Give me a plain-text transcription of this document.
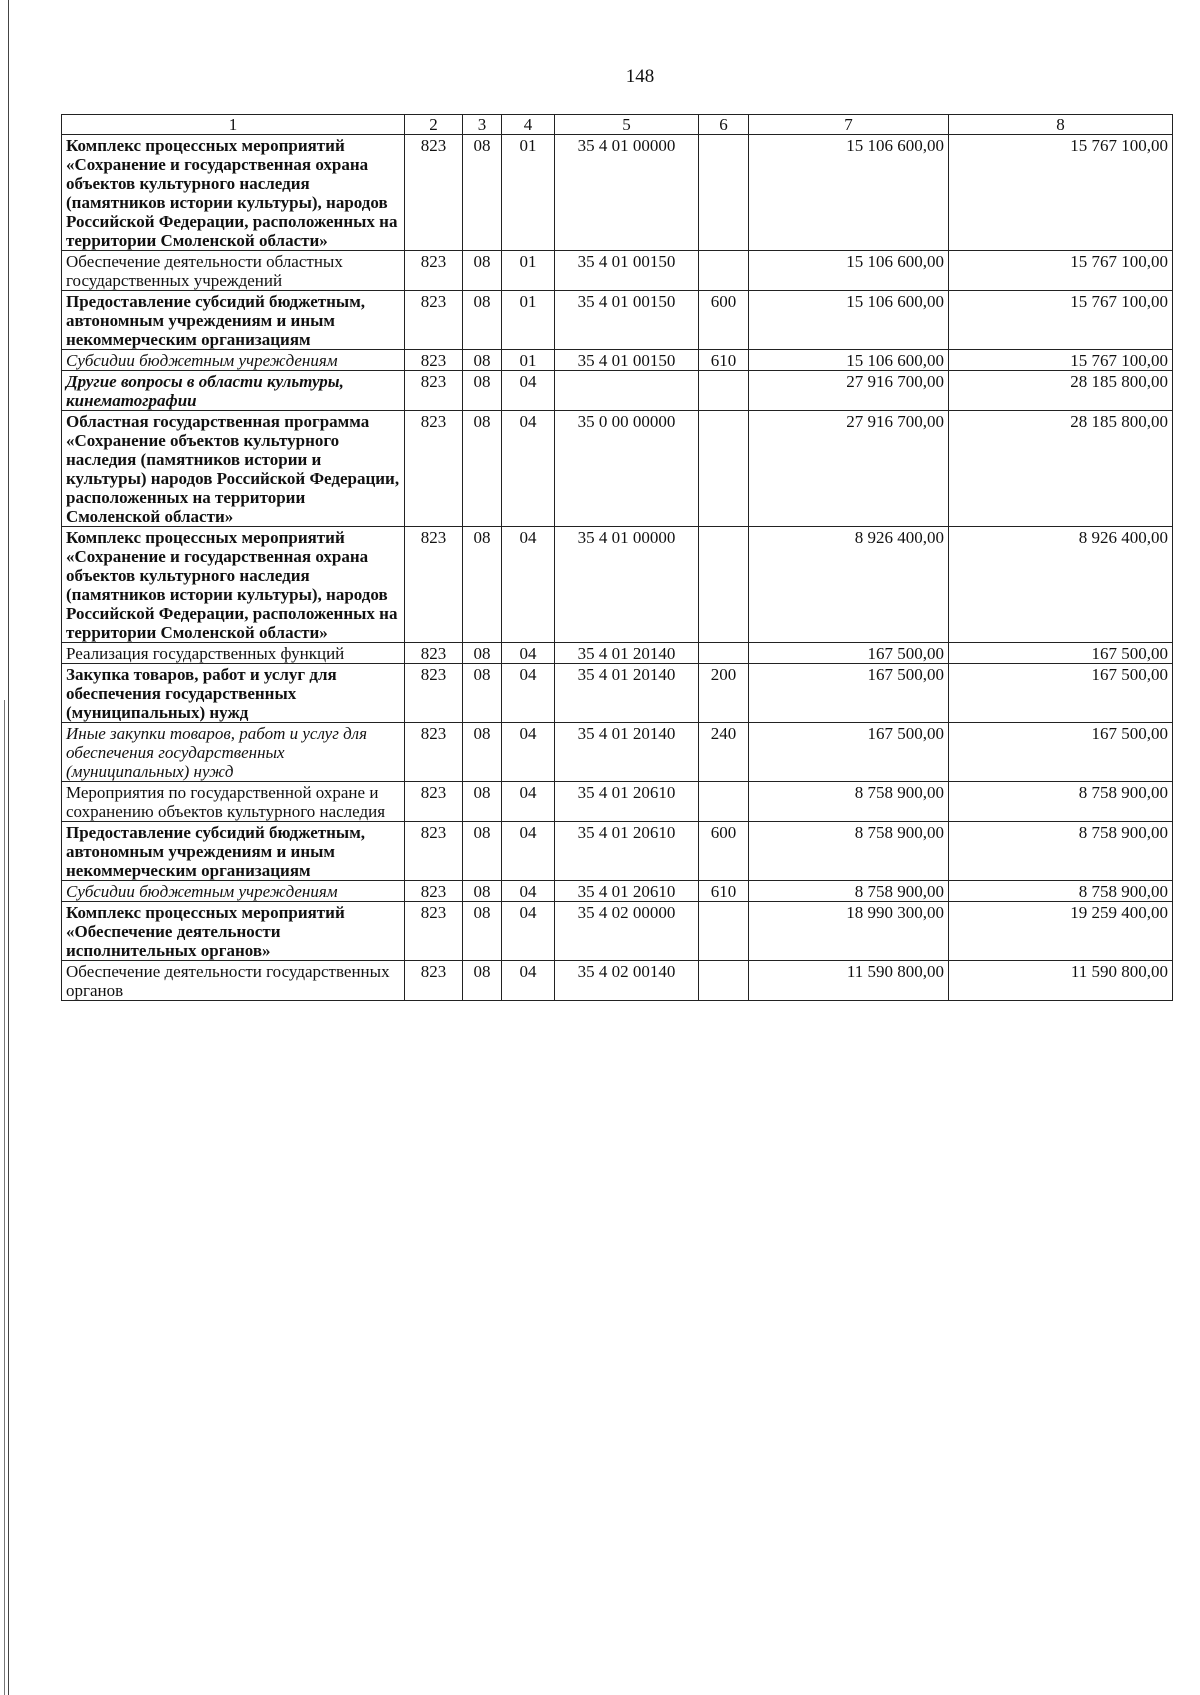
148
1	2	3	4	5	6	7	8
Комплекс процессных мероприятий «Сохранение и государственная охрана объектов культурного наследия (памятников истории культуры), народов Российской Федерации, расположенных на территории Смоленской области»	823	08	01	35 4 01 00000		15 106 600,00	15 767 100,00
Обеспечение деятельности областных государственных учреждений	823	08	01	35 4 01 00150		15 106 600,00	15 767 100,00
Предоставление субсидий бюджетным, автономным учреждениям и иным некоммерческим организациям	823	08	01	35 4 01 00150	600	15 106 600,00	15 767 100,00
Субсидии бюджетным учреждениям	823	08	01	35 4 01 00150	610	15 106 600,00	15 767 100,00
Другие вопросы в области культуры, кинематографии	823	08	04			27 916 700,00	28 185 800,00
Областная государственная программа «Сохранение объектов культурного наследия (памятников истории и культуры) народов Российской Федерации, расположенных на территории Смоленской области»	823	08	04	35 0 00 00000		27 916 700,00	28 185 800,00
Комплекс процессных мероприятий «Сохранение и государственная охрана объектов культурного наследия (памятников истории культуры), народов Российской Федерации, расположенных на территории Смоленской области»	823	08	04	35 4 01 00000		8 926 400,00	8 926 400,00
Реализация государственных функций	823	08	04	35 4 01 20140		167 500,00	167 500,00
Закупка товаров, работ и услуг для обеспечения государственных (муниципальных) нужд	823	08	04	35 4 01 20140	200	167 500,00	167 500,00
Иные закупки товаров, работ и услуг для обеспечения государственных (муниципальных) нужд	823	08	04	35 4 01 20140	240	167 500,00	167 500,00
Мероприятия по государственной охране и сохранению объектов культурного наследия	823	08	04	35 4 01 20610		8 758 900,00	8 758 900,00
Предоставление субсидий бюджетным, автономным учреждениям и иным некоммерческим организациям	823	08	04	35 4 01 20610	600	8 758 900,00	8 758 900,00
Субсидии бюджетным учреждениям	823	08	04	35 4 01 20610	610	8 758 900,00	8 758 900,00
Комплекс процессных мероприятий «Обеспечение деятельности исполнительных органов»	823	08	04	35 4 02 00000		18 990 300,00	19 259 400,00
Обеспечение деятельности государственных органов	823	08	04	35 4 02 00140		11 590 800,00	11 590 800,00
